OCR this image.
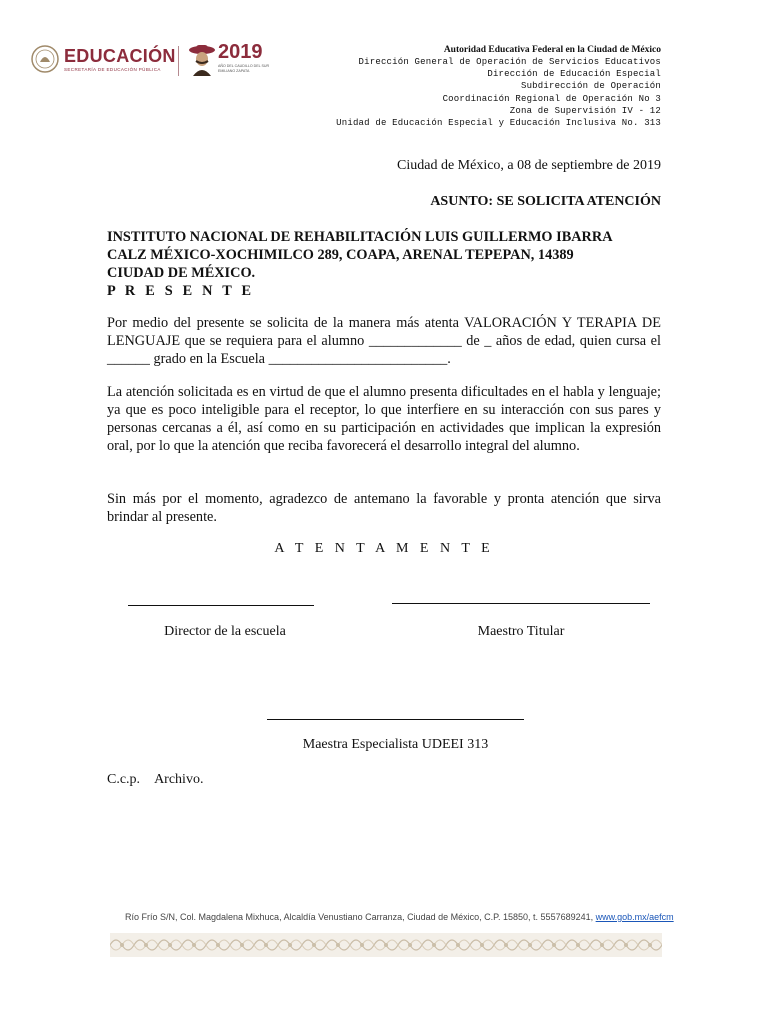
EDUCACIÓN
SECRETARÍA DE EDUCACIÓN PÚBLICA
2019
AÑO DEL CAUDILLO DEL SUR EMILIANO ZAPATA
Autoridad Educativa Federal en la Ciudad de México
Dirección General de Operación de Servicios Educativos
Dirección de Educación Especial
Subdirección de Operación
Coordinación Regional de Operación No 3
Zona de Supervisión IV - 12
Unidad de Educación Especial y Educación Inclusiva No. 313
Ciudad de México, a 08 de septiembre de 2019
ASUNTO: SE SOLICITA ATENCIÓN
INSTITUTO NACIONAL DE REHABILITACIÓN LUIS GUILLERMO IBARRA
CALZ MÉXICO-XOCHIMILCO 289, COAPA, ARENAL TEPEPAN, 14389
CIUDAD DE MÉXICO.
P R E S E N T E
Por medio del presente se solicita de la manera más atenta VALORACIÓN Y TERAPIA DE LENGUAJE que se requiera para el alumno _____________ de _ años de edad, quien cursa el ______ grado en la Escuela _________________________.
La atención solicitada es en virtud de que el alumno presenta dificultades en el habla y lenguaje; ya que es poco inteligible para el receptor, lo que interfiere en su interacción con sus pares y personas cercanas a él, así como en su participación en actividades que implican la expresión oral, por lo que la atención que reciba favorecerá el desarrollo integral del alumno.
Sin más por el momento, agradezco de antemano la favorable y pronta atención que sirva brindar al presente.
A T E N T A M E N T E
Director de la escuela	Maestro Titular
Maestra Especialista UDEEI 313
C.c.p. Archivo.
Río Frío S/N, Col. Magdalena Mixhuca, Alcaldía Venustiano Carranza, Ciudad de México, C.P. 15850, t. 5557689241, www.gob.mx/aefcm
